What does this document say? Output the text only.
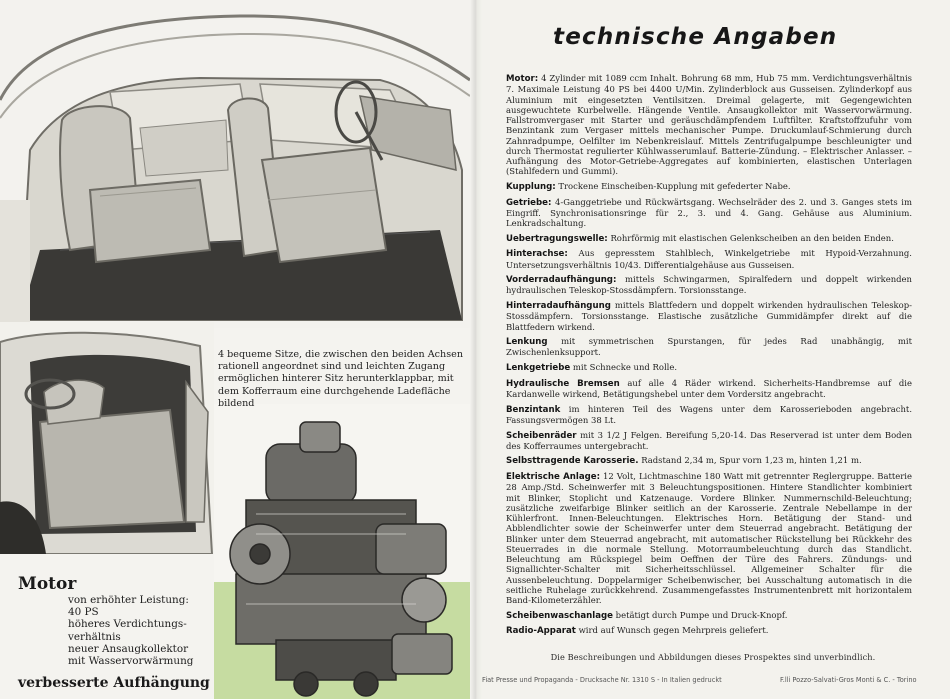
4 bequeme Sitze, die zwischen den beiden Achsen rationell angeordnet sind und leichten Zugang ermöglichen hinterer Sitz herunterklappbar, mit dem Kofferraum eine durchgehende Ladefläche bildend
Motor
von erhöhter Leistung:
40 PS
höheres Verdichtungs-
verhältnis
neuer Ansaugkollektor
mit Wasservorwärmung
verbesserte Aufhängung
technische Angaben

Motor: 4 Zylinder mit 1089 ccm Inhalt. Bohrung 68 mm, Hub 75 mm. Verdichtungsverhältnis 7. Maximale Leistung 40 PS bei 4400 U/Min. Zylinderblock aus Gusseisen. Zylinderkopf aus Aluminium mit eingesetzten Ventilsitzen. Dreimal gelagerte, mit Gegengewichten ausgewuchtete Kurbelwelle. Hängende Ventile. Ansaugkollektor mit Wasservorwärmung. Fallstromvergaser mit Starter und geräuschdämpfendem Luftfilter. Kraftstoffzufuhr vom Benzintank zum Vergaser mittels mechanischer Pumpe. Druckumlauf-Schmierung durch Zahnradpumpe, Oelfilter im Nebenkreislauf. Mittels Zentrifugalpumpe beschleunigter und durch Thermostat regulierter Kühlwasserumlauf. Batterie-Zündung. – Elektrischer Anlasser. – Aufhängung des Motor-Getriebe-Aggregates auf kombinierten, elastischen Unterlagen (Stahlfedern und Gummi).

Kupplung: Trockene Einscheiben-Kupplung mit gefederter Nabe.

Getriebe: 4-Ganggetriebe und Rückwärtsgang. Wechselräder des 2. und 3. Ganges stets im Eingriff. Synchronisationsringe für 2., 3. und 4. Gang. Gehäuse aus Aluminium. Lenkradschaltung.

Uebertragungswelle: Rohrförmig mit elastischen Gelenkscheiben an den beiden Enden.

Hinterachse: Aus gepresstem Stahlblech, Winkelgetriebe mit Hypoid-Verzahnung. Untersetzungsverhältnis 10/43. Differentialgehäuse aus Gusseisen.

Vorderradaufhängung: mittels Schwingarmen, Spiralfedern und doppelt wirkenden hydraulischen Teleskop-Stossdämpfern. Torsionsstange.

Hinterradaufhängung mittels Blattfedern und doppelt wirkenden hydraulischen Teleskop-Stossdämpfern. Torsionsstange. Elastische zusätzliche Gummidämpfer direkt auf die Blattfedern wirkend.

Lenkung mit symmetrischen Spurstangen, für jedes Rad unabhängig, mit Zwischenlenksupport.

Lenkgetriebe mit Schnecke und Rolle.

Hydraulische Bremsen auf alle 4 Räder wirkend. Sicherheits-Handbremse auf die Kardanwelle wirkend, Betätigungshebel unter dem Vordersitz angebracht.

Benzintank im hinteren Teil des Wagens unter dem Karosserieboden angebracht. Fassungsvermögen 38 Lt.

Scheibenräder mit 3 1/2 J Felgen. Bereifung 5,20-14. Das Reserverad ist unter dem Boden des Kofferraumes untergebracht.

Selbsttragende Karosserie. Radstand 2,34 m, Spur vorn 1,23 m, hinten 1,21 m.

Elektrische Anlage: 12 Volt, Lichtmaschine 180 Watt mit getrennter Reglergruppe. Batterie 28 Amp./Std. Scheinwerfer mit 3 Beleuchtungspositionen. Hintere Standlichter kombiniert mit Blinker, Stoplicht und Katzenauge. Vordere Blinker. Nummernschild-Beleuchtung; zusätzliche zweifarbige Blinker seitlich an der Karosserie. Zentrale Nebellampe in der Kühlerfront. Innen-Beleuchtungen. Elektrisches Horn. Betätigung der Stand- und Abblendlichter sowie der Scheinwerfer unter dem Steuerrad angebracht. Betätigung der Blinker unter dem Steuerrad angebracht, mit automatischer Rückstellung bei Rückkehr des Steuerrades in die normale Stellung. Motorraumbeleuchtung durch das Standlicht. Beleuchtung am Rückspiegel beim Oeffnen der Türe des Fahrers. Zündungs- und Signallichter-Schalter mit Sicherheitsschlüssel. Allgemeiner Schalter für die Aussenbeleuchtung. Doppelarmiger Scheibenwischer, bei Ausschaltung automatisch in die seitliche Ruhelage zurückkehrend. Zusammengefasstes Instrumentenbrett mit horizontalem Band-Kilometerzähler.

Scheibenwaschanlage betätigt durch Pumpe und Druck-Knopf.

Radio-Apparat wird auf Wunsch gegen Mehrpreis geliefert.

Die Beschreibungen und Abbildungen dieses Prospektes sind unverbindlich.
Fiat Presse und Propaganda - Drucksache Nr. 1310 S - In Italien gedruckt	F.lli Pozzo-Salvati-Gros Monti & C. - Torino
